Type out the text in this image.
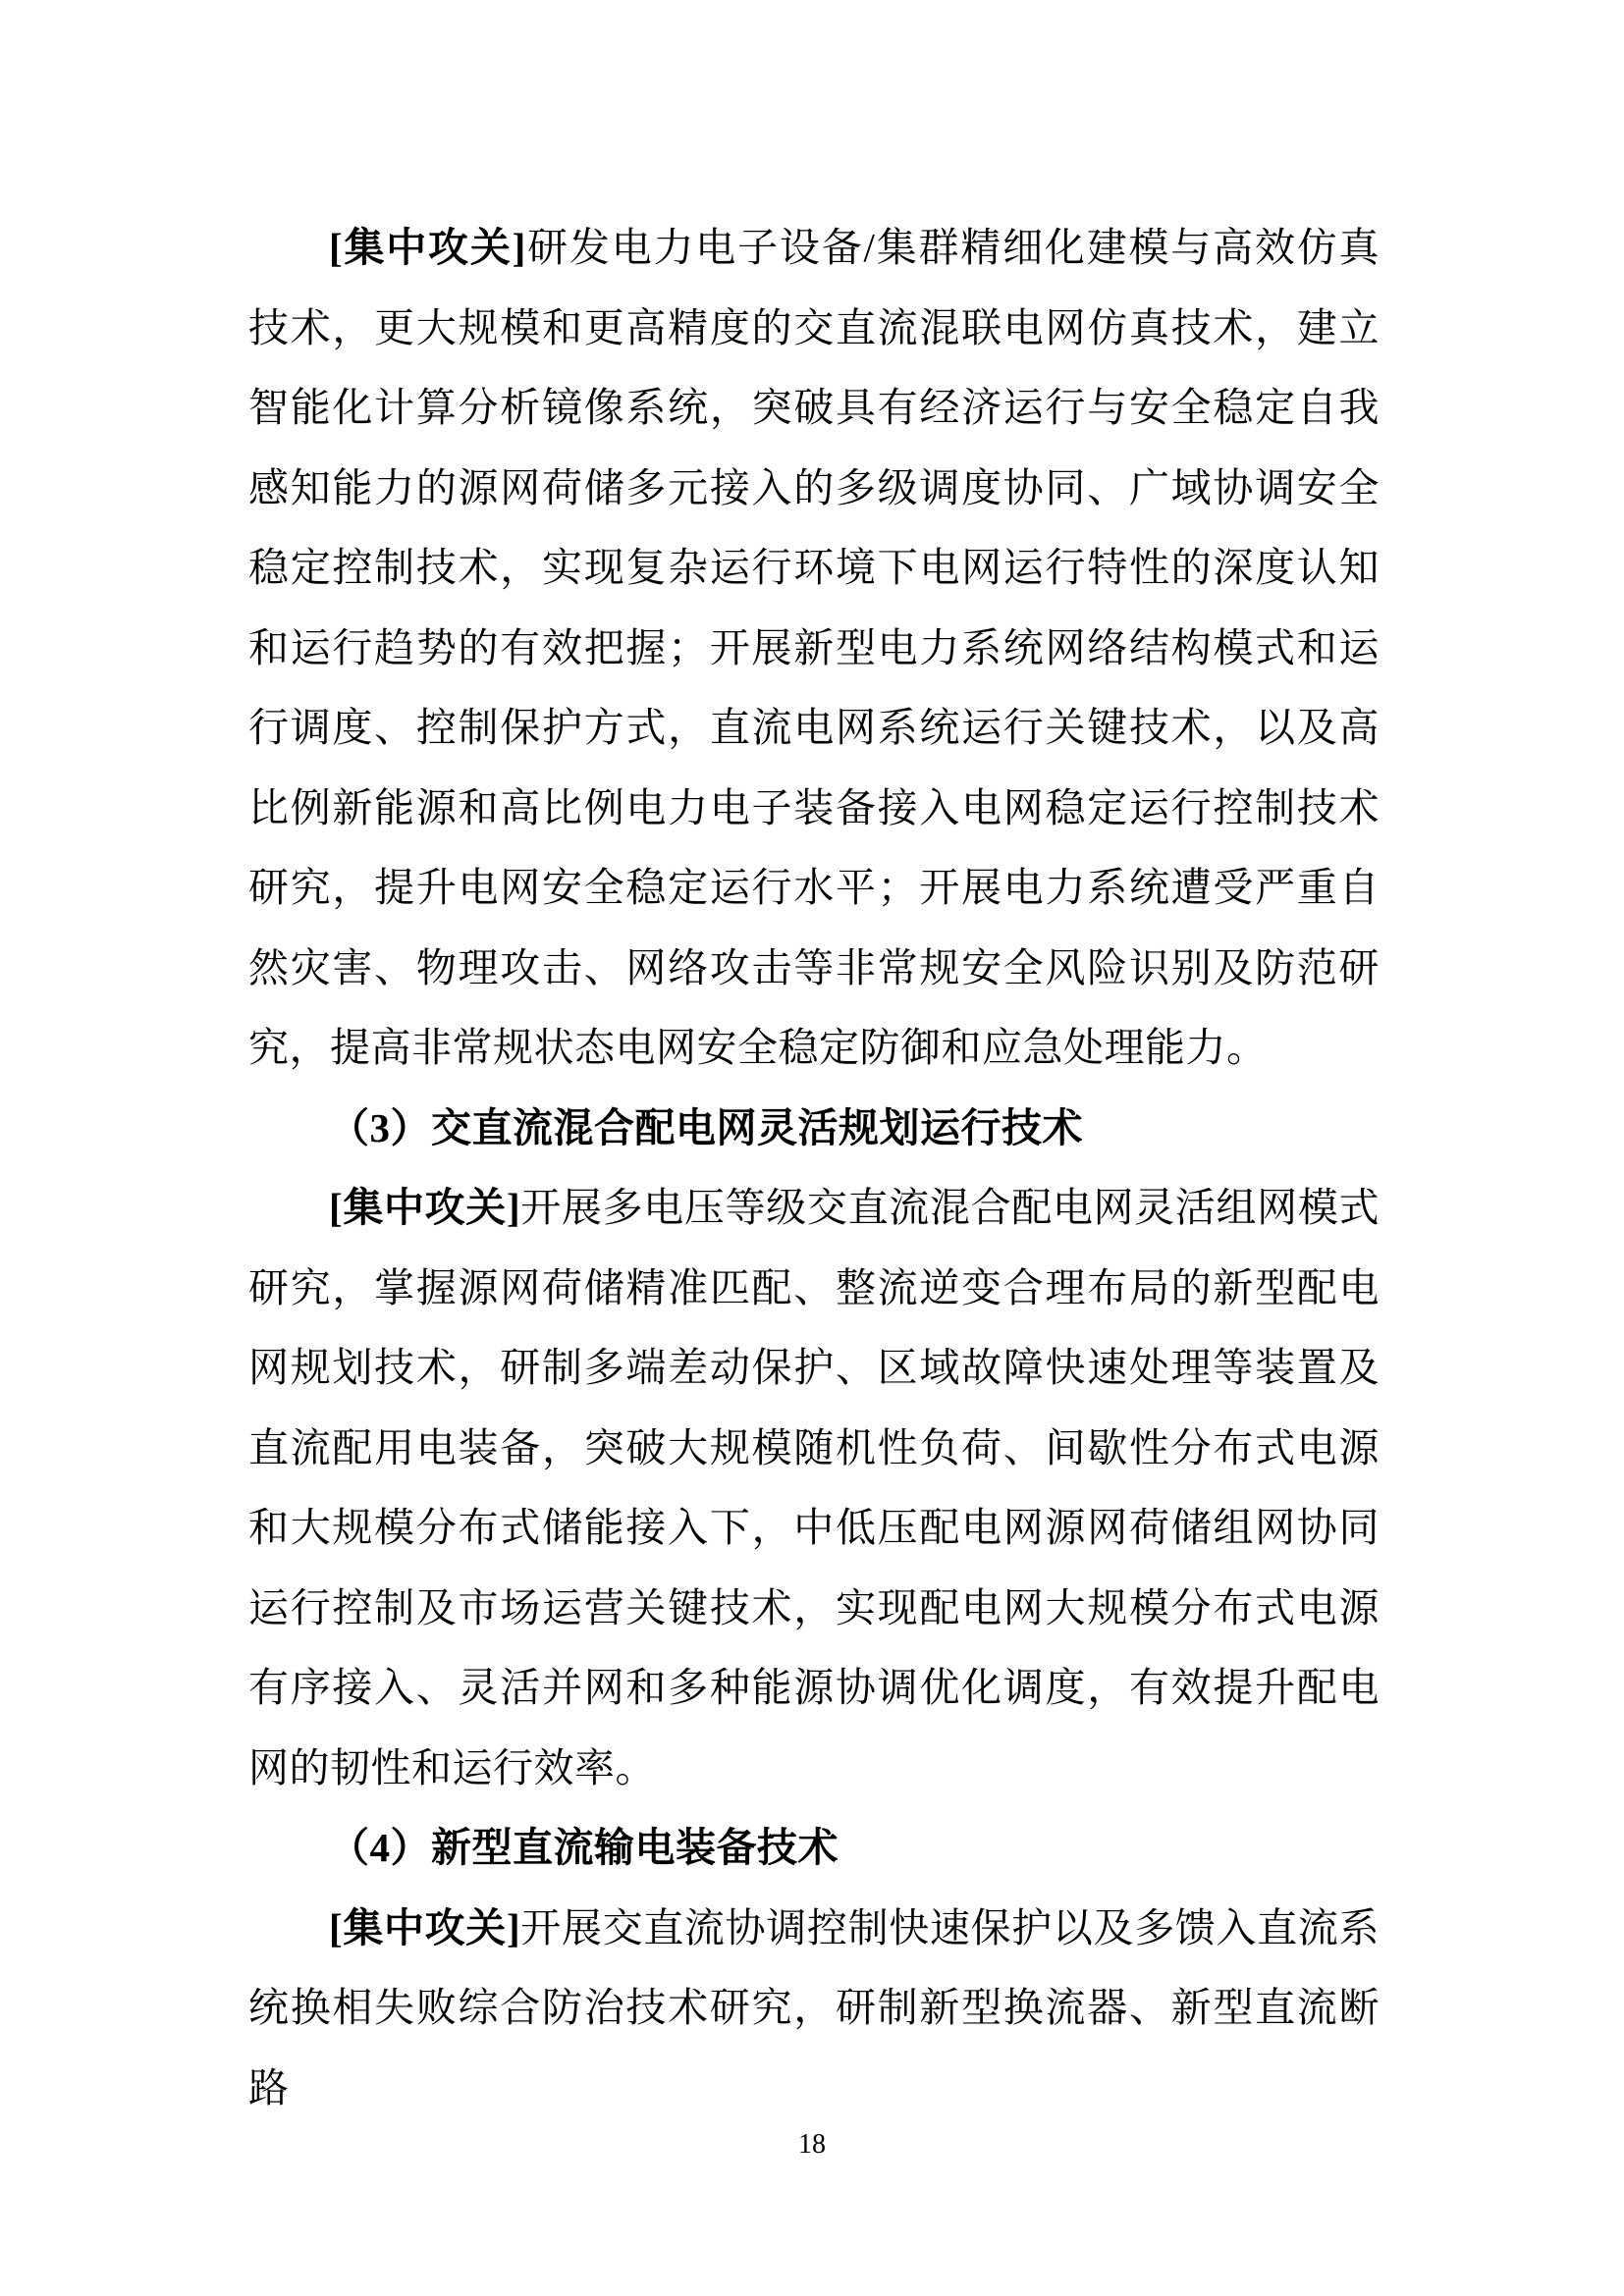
[集中攻关]研发电力电子设备/集群精细化建模与高效仿真技术，更大规模和更高精度的交直流混联电网仿真技术，建立智能化计算分析镜像系统，突破具有经济运行与安全稳定自我感知能力的源网荷储多元接入的多级调度协同、广域协调安全稳定控制技术，实现复杂运行环境下电网运行特性的深度认知和运行趋势的有效把握；开展新型电力系统网络结构模式和运行调度、控制保护方式，直流电网系统运行关键技术，以及高比例新能源和高比例电力电子装备接入电网稳定运行控制技术研究，提升电网安全稳定运行水平；开展电力系统遭受严重自然灾害、物理攻击、网络攻击等非常规安全风险识别及防范研究，提高非常规状态电网安全稳定防御和应急处理能力。

（3）交直流混合配电网灵活规划运行技术

[集中攻关]开展多电压等级交直流混合配电网灵活组网模式研究，掌握源网荷储精准匹配、整流逆变合理布局的新型配电网规划技术，研制多端差动保护、区域故障快速处理等装置及直流配用电装备，突破大规模随机性负荷、间歇性分布式电源和大规模分布式储能接入下，中低压配电网源网荷储组网协同运行控制及市场运营关键技术，实现配电网大规模分布式电源有序接入、灵活并网和多种能源协调优化调度，有效提升配电网的韧性和运行效率。

（4）新型直流输电装备技术

[集中攻关]开展交直流协调控制快速保护以及多馈入直流系统换相失败综合防治技术研究，研制新型换流器、新型直流断路

18
